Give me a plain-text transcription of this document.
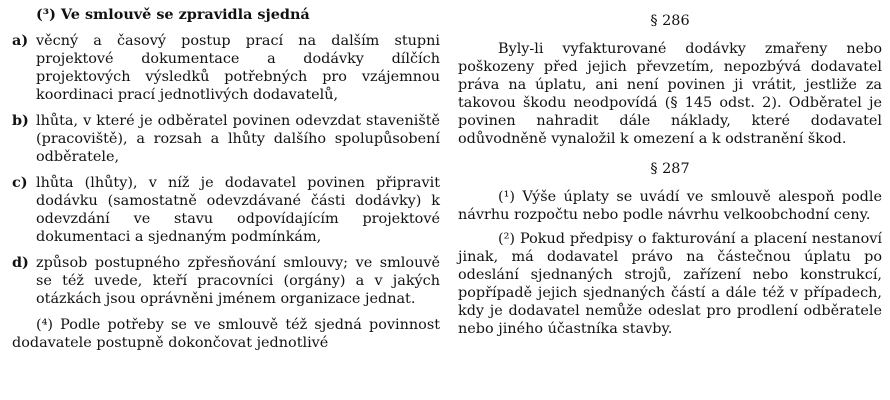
(³) Ve smlouvě se zpravidla sjedná

a) věcný a časový postup prací na dalším stupni projektové dokumentace a dodávky dílčích projektových výsledků potřebných pro vzájemnou koordinaci prací jednotlivých dodavatelů,
b) lhůta, v které je odběratel povinen odevzdat staveniště (pracoviště), a rozsah a lhůty dalšího spolupůsobení odběratele,
c) lhůta (lhůty), v níž je dodavatel povinen připravit dodávku (samostatně odevzdávané části dodávky) k odevzdání ve stavu odpovídajícím projektové dokumentaci a sjednaným podmínkám,
d) způsob postupného zpřesňování smlouvy; ve smlouvě se též uvede, kteří pracovníci (orgány) a v jakých otázkách jsou oprávněni jménem organizace jednat.

(⁴) Podle potřeby se ve smlouvě též sjedná povinnost dodavatele postupně dokončovat jednotlivé

§ 286

Byly-li vyfakturované dodávky zmařeny nebo poškozeny před jejich převzetím, nepozbývá dodavatel práva na úplatu, ani není povinen ji vrátit, jestliže za takovou škodu neodpovídá (§ 145 odst. 2). Odběratel je povinen nahradit dále náklady, které dodavatel odůvodněně vynaložil k omezení a k odstranění škod.

§ 287

(¹) Výše úplaty se uvádí ve smlouvě alespoň podle návrhu rozpočtu nebo podle návrhu velkoobchodní ceny.

(²) Pokud předpisy o fakturování a placení nestanoví jinak, má dodavatel právo na částečnou úplatu po odeslání sjednaných strojů, zařízení nebo konstrukcí, popřípadě jejich sjednaných částí a dále též v případech, kdy je dodavatel nemůže odeslat pro prodlení odběratele nebo jiného účastníka stavby.
